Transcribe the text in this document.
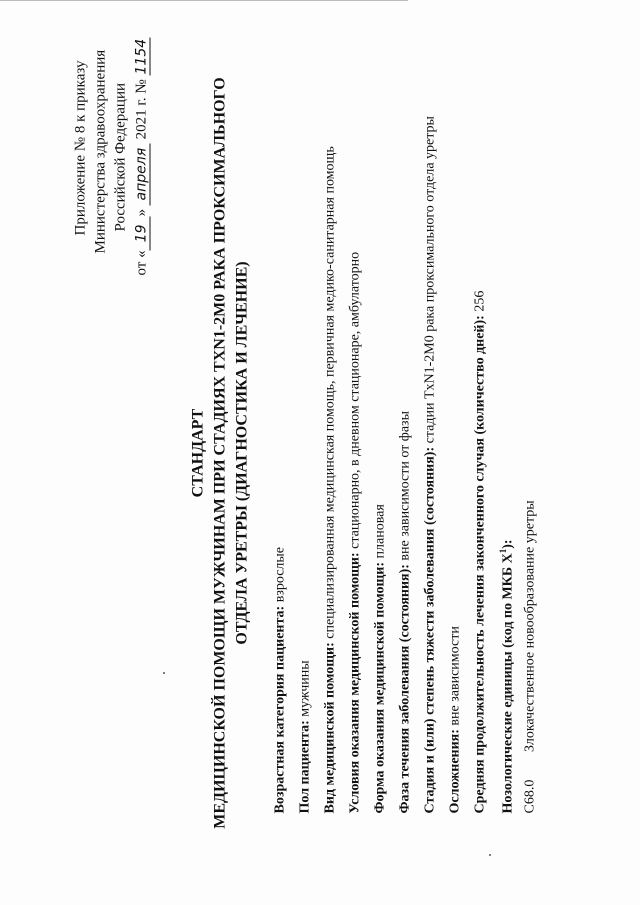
Приложение № 8 к приказу Министерства здравоохранения Российской Федерации
от «19» апреля 2021 г. № 1154
СТАНДАРТ МЕДИЦИНСКОЙ ПОМОЩИ МУЖЧИНАМ ПРИ СТАДИЯХ TXN1-2M0 РАКА ПРОКСИМАЛЬНОГО ОТДЕЛА УРЕТРЫ (ДИАГНОСТИКА И ЛЕЧЕНИЕ)
Возрастная категория пациента: взрослые
Пол пациента: мужчины Вид медицинской помощи: специализированная медицинская помощь, первичная медико-санитарная помощь
Условия оказания медицинской помощи: стационарно, в дневном стационаре, амбулаторно
Форма оказания медицинской помощи: плановая
Фаза течения заболевания (состояния): вне зависимости от фазы Стадия и (или) степень тяжести заболевания (состояния): стадии TxN1-2M0 рака проксимального отдела уретры
Осложнения: вне зависимости Средняя продолжительность лечения законченного случая (количество дней): 256
Нозологические единицы (код по МКБ $X^1$):
C68.0 Злокачественное новообразование уретры
